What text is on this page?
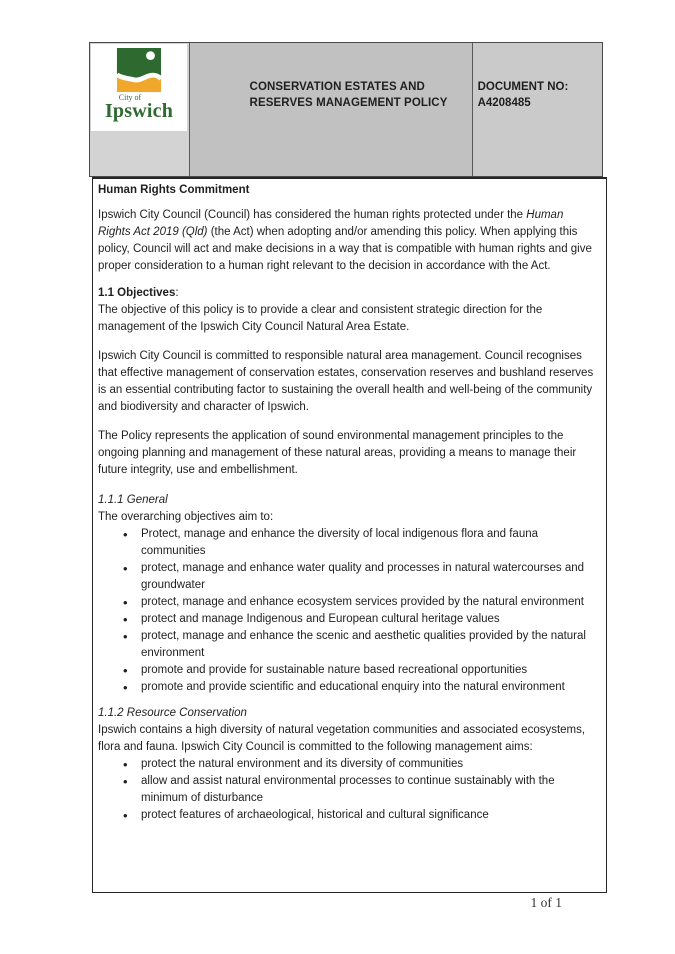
City of
Ipswich
CONSERVATION ESTATES AND
RESERVES MANAGEMENT POLICY
DOCUMENT NO:
A4208485

Human Rights Commitment

Ipswich City Council (Council) has considered the human rights protected under the Human Rights Act 2019 (Qld) (the Act) when adopting and/or amending this policy. When applying this policy, Council will act and make decisions in a way that is compatible with human rights and give proper consideration to a human right relevant to the decision in accordance with the Act.

1.1 Objectives:

The objective of this policy is to provide a clear and consistent strategic direction for the management of the Ipswich City Council Natural Area Estate.

Ipswich City Council is committed to responsible natural area management. Council recognises that effective management of conservation estates, conservation reserves and bushland reserves is an essential contributing factor to sustaining the overall health and well-being of the community and biodiversity and character of Ipswich.

The Policy represents the application of sound environmental management principles to the ongoing planning and management of these natural areas, providing a means to manage their future integrity, use and embellishment.

1.1.1 General

The overarching objectives aim to:

• Protect, manage and enhance the diversity of local indigenous flora and fauna communities
• protect, manage and enhance water quality and processes in natural watercourses and groundwater
• protect, manage and enhance ecosystem services provided by the natural environment
• protect and manage Indigenous and European cultural heritage values
• protect, manage and enhance the scenic and aesthetic qualities provided by the natural environment
• promote and provide for sustainable nature based recreational opportunities
• promote and provide scientific and educational enquiry into the natural environment

1.1.2 Resource Conservation

Ipswich contains a high diversity of natural vegetation communities and associated ecosystems, flora and fauna. Ipswich City Council is committed to the following management aims:

• protect the natural environment and its diversity of communities
• allow and assist natural environmental processes to continue sustainably with the minimum of disturbance
• protect features of archaeological, historical and cultural significance
1 of 1
